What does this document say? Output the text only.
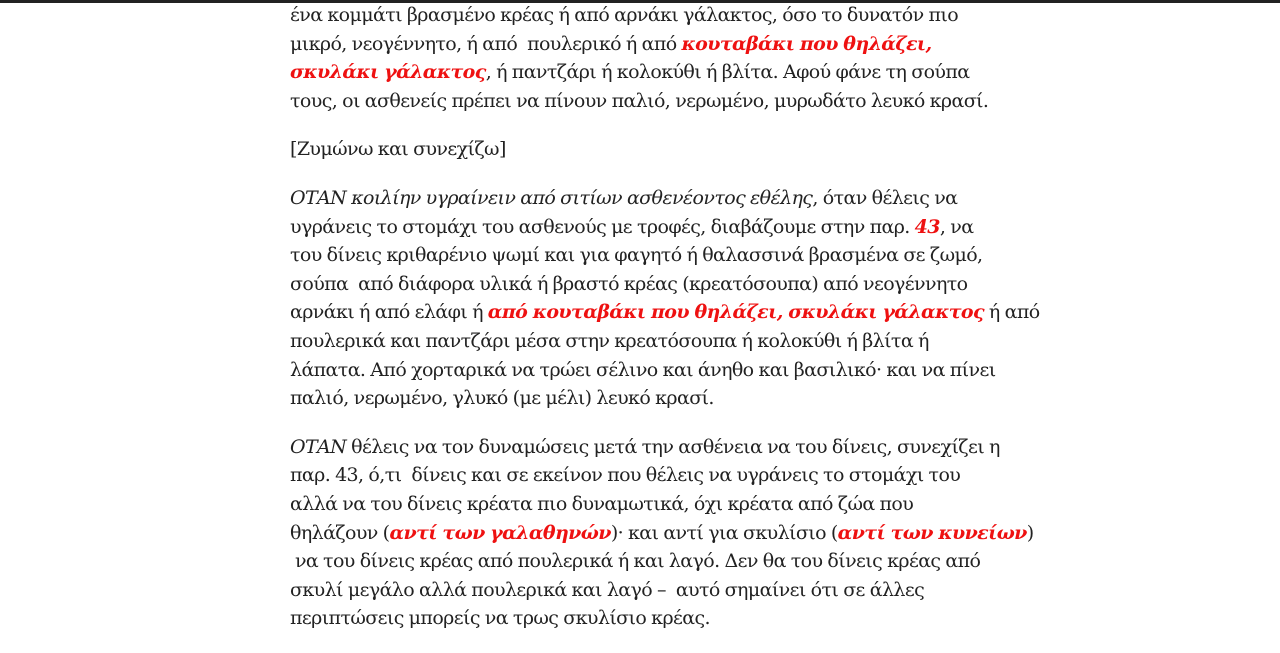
ένα κομμάτι βρασμένο κρέας ή από αρνάκι γάλακτος, όσο το δυνατόν πιο
μικρό, νεογέννητο, ή από  πουλερικό ή από κουταβάκι που θηλάζει,
σκυλάκι γάλακτος, ή παντζάρι ή κολοκύθι ή βλίτα. Αφού φάνε τη σούπα
τους, οι ασθενείς πρέπει να πίνουν παλιό, νερωμένο, μυρωδάτο λευκό κρασί.
[Ζυμώνω και συνεχίζω]
ΟΤΑΝ κοιλίην υγραίνειν από σιτίων ασθενέοντος εθέλης, όταν θέλεις να
υγράνεις το στομάχι του ασθενούς με τροφές, διαβάζουμε στην παρ. 43, να
του δίνεις κριθαρένιο ψωμί και για φαγητό ή θαλασσινά βρασμένα σε ζωμό,
σούπα  από διάφορα υλικά ή βραστό κρέας (κρεατόσουπα) από νεογέννητο
αρνάκι ή από ελάφι ή από κουταβάκι που θηλάζει, σκυλάκι γάλακτος ή από
πουλερικά και παντζάρι μέσα στην κρεατόσουπα ή κολοκύθι ή βλίτα ή
λάπατα. Από χορταρικά να τρώει σέλινο και άνηθο και βασιλικό· και να πίνει
παλιό, νερωμένο, γλυκό (με μέλι) λευκό κρασί.
ΟΤΑΝ θέλεις να τον δυναμώσεις μετά την ασθένεια να του δίνεις, συνεχίζει η
παρ. 43, ό,τι  δίνεις και σε εκείνον που θέλεις να υγράνεις το στομάχι του
αλλά να του δίνεις κρέατα πιο δυναμωτικά, όχι κρέατα από ζώα που
θηλάζουν (αντί των γαλαθηνών)· και αντί για σκυλίσιο (αντί των κυνείων)
να του δίνεις κρέας από πουλερικά ή και λαγό. Δεν θα του δίνεις κρέας από
σκυλί μεγάλο αλλά πουλερικά και λαγό –  αυτό σημαίνει ότι σε άλλες
περιπτώσεις μπορείς να τρως σκυλίσιο κρέας.
